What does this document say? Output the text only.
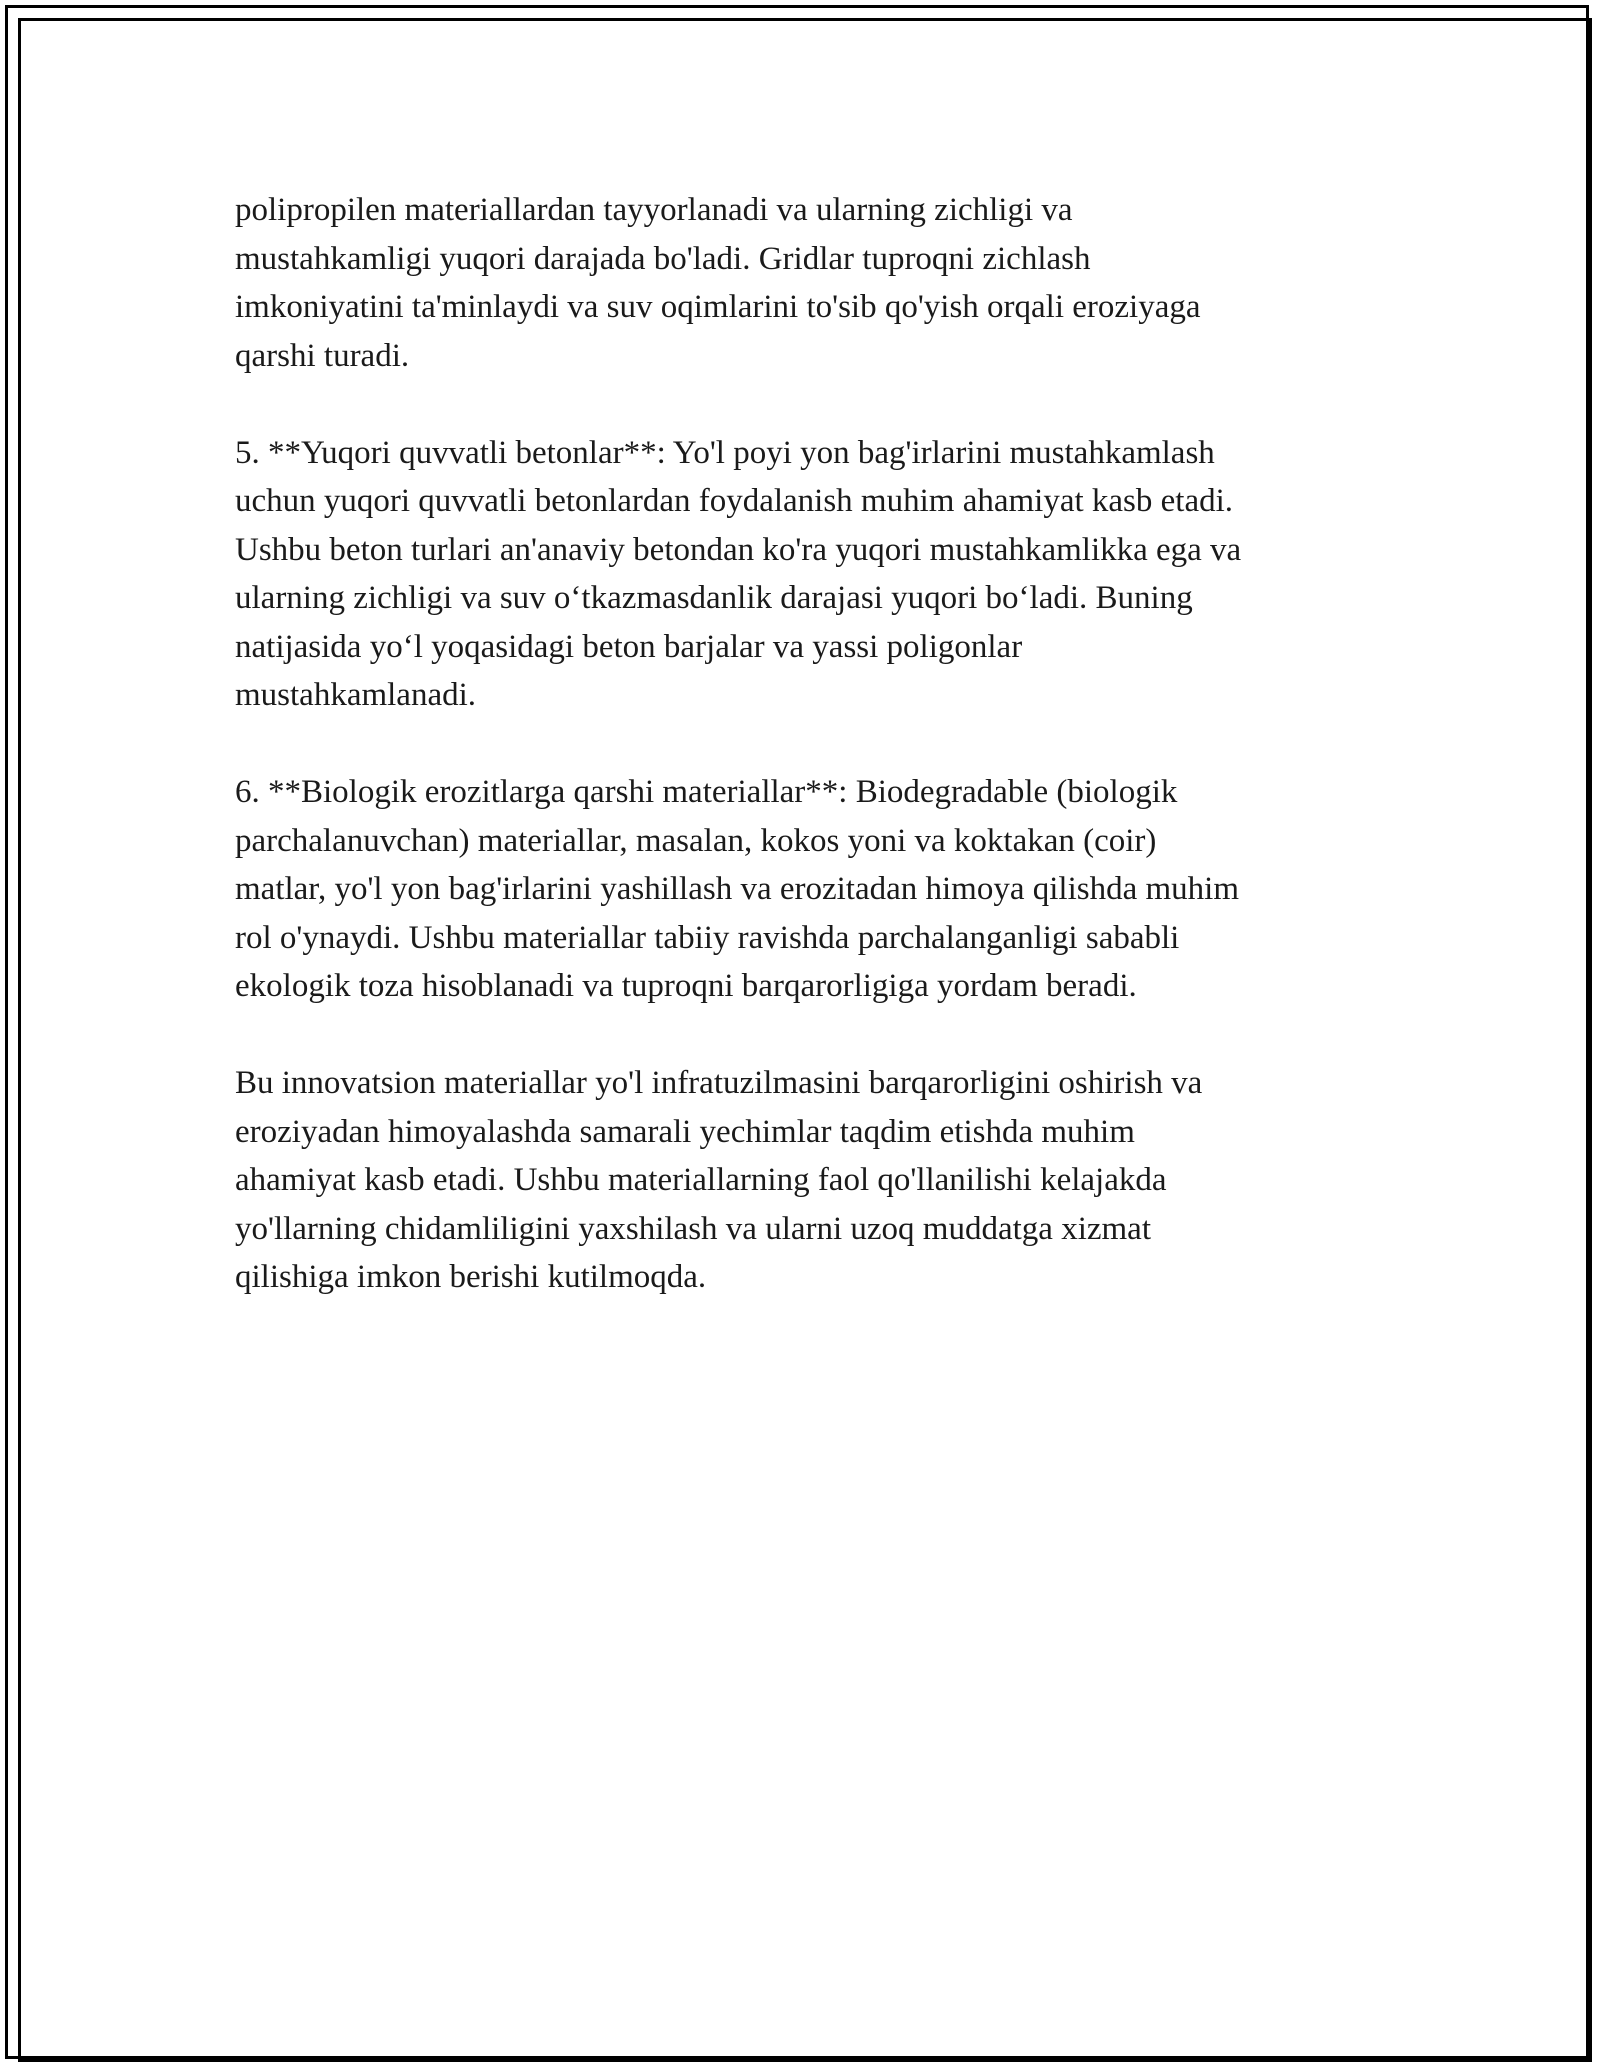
polipropilen materiallardan tayyorlanadi va ularning zichligi va
mustahkamligi yuqori darajada bo'ladi. Gridlar tuproqni zichlash
imkoniyatini ta'minlaydi va suv oqimlarini to'sib qo'yish orqali eroziyaga
qarshi turadi.

5. **Yuqori quvvatli betonlar**: Yo'l poyi yon bag'irlarini mustahkamlash
uchun yuqori quvvatli betonlardan foydalanish muhim ahamiyat kasb etadi.
Ushbu beton turlari an'anaviy betondan ko'ra yuqori mustahkamlikka ega va
ularning zichligi va suv o‘tkazmasdanlik darajasi yuqori bo‘ladi. Buning
natijasida yo‘l yoqasidagi beton barjalar va yassi poligonlar
mustahkamlanadi.

6. **Biologik erozitlarga qarshi materiallar**: Biodegradable (biologik
parchalanuvchan) materiallar, masalan, kokos yoni va koktakan (coir)
matlar, yo'l yon bag'irlarini yashillash va erozitadan himoya qilishda muhim
rol o'ynaydi. Ushbu materiallar tabiiy ravishda parchalanganligi sababli
ekologik toza hisoblanadi va tuproqni barqarorligiga yordam beradi.

Bu innovatsion materiallar yo'l infratuzilmasini barqarorligini oshirish va
eroziyadan himoyalashda samarali yechimlar taqdim etishda muhim
ahamiyat kasb etadi. Ushbu materiallarning faol qo'llanilishi kelajakda
yo'llarning chidamliligini yaxshilash va ularni uzoq muddatga xizmat
qilishiga imkon berishi kutilmoqda.
